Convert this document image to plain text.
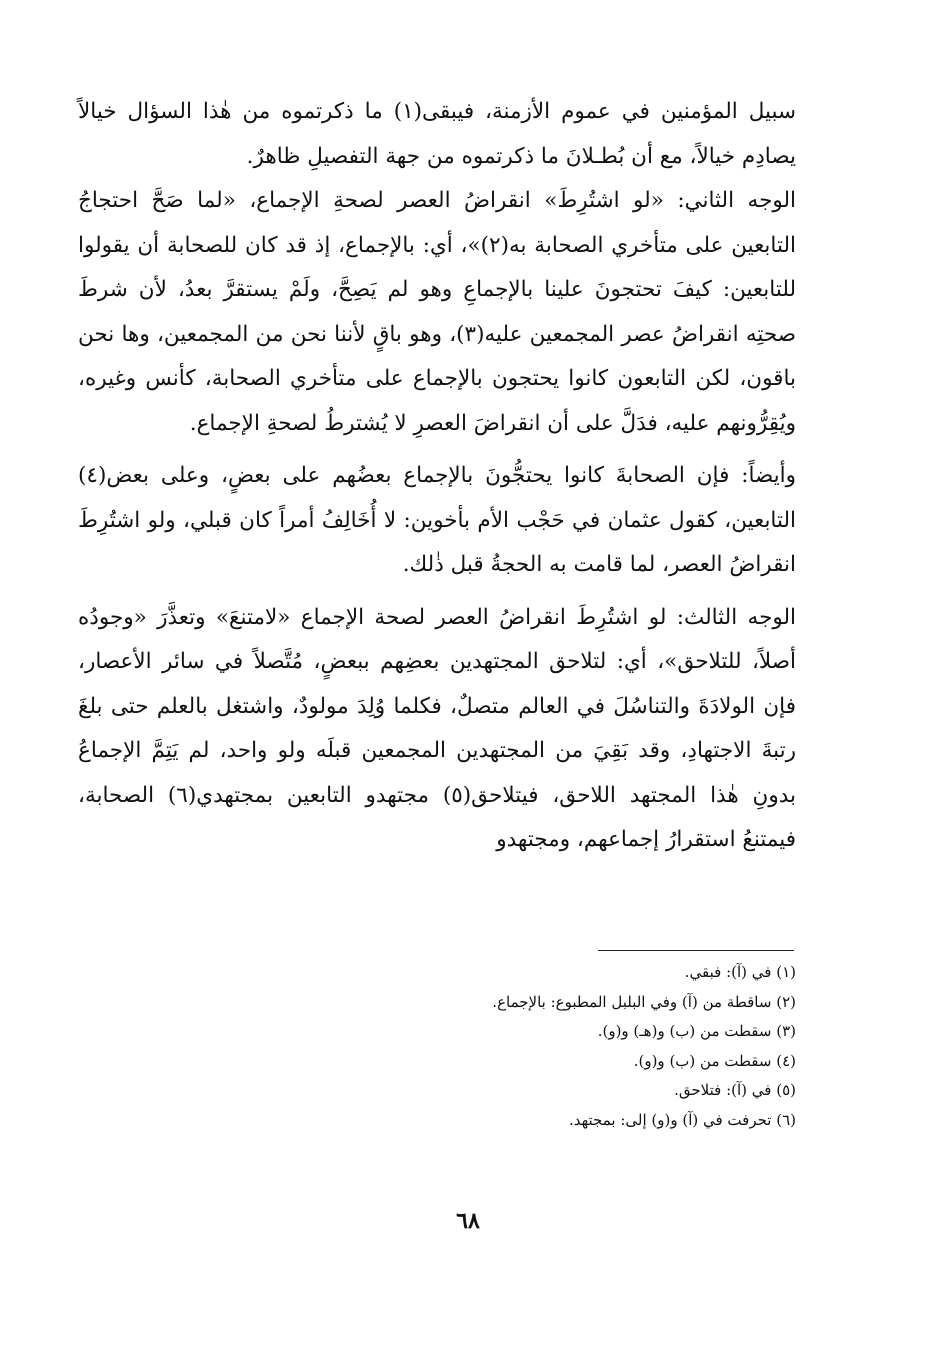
سبيل المؤمنين في عموم الأزمنة، فيبقى(١) ما ذكرتموه من هٰذا السؤال خيالاً يصادِم خيالاً، مع أن بُطـلانَ ما ذكرتموه من جهة التفصيلِ ظاهرٌ.

الوجه الثاني: «لو اشتُرِطَ» انقراضُ العصر لصحةِ الإجماع، «لما صَحَّ احتجاجُ التابعين على متأخري الصحابة به(٢)»، أي: بالإجماع، إذ قد كان للصحابة أن يقولوا للتابعين: كيفَ تحتجونَ علينا بالإجماعِ وهو لم يَصِحَّ، ولَمْ يستقرَّ بعدُ، لأن شرطَ صحتِه انقراضُ عصر المجمعين عليه(٣)، وهو باقٍ لأننا نحن من المجمعين، وها نحن باقون، لكن التابعون كانوا يحتجون بالإجماع على متأخري الصحابة، كأنس وغيره، ويُقِرُّونهم عليه، فدَلَّ على أن انقراضَ العصرِ لا يُشترطُ لصحةِ الإجماع.

وأيضاً: فإن الصحابةَ كانوا يحتجُّونَ بالإجماع بعضُهم على بعضٍ، وعلى بعض(٤) التابعين، كقول عثمان في حَجْب الأم بأخوين: لا أُخَالِفُ أمراً كان قبلي، ولو اشتُرِطَ انقراضُ العصر، لما قامت به الحجةُ قبل ذٰلك.

الوجه الثالث: لو اشتُرِطَ انقراضُ العصر لصحة الإجماع «لامتنعَ» وتعذَّرَ «وجودُه أصلاً، للتلاحق»، أي: لتلاحق المجتهدين بعضِهم ببعضٍ، مُتَّصلاً في سائر الأعصار، فإن الولادَةَ والتناسُلَ في العالم متصلٌ، فكلما وُلِدَ مولودٌ، واشتغل بالعلم حتى بلغَ رتبةَ الاجتهادِ، وقد بَقِيَ من المجتهدين المجمعين قبلَه ولو واحد، لم يَتِمَّ الإجماعُ بدونِ هٰذا المجتهد اللاحق، فيتلاحق(٥) مجتهدو التابعين بمجتهدي(٦) الصحابة، فيمتنعُ استقرارُ إجماعهم، ومجتهدو

(١) في (آ): فبقي.
(٢) ساقطة من (آ) وفي البلبل المطبوع: بالإجماع.
(٣) سقطت من (ب) و(هـ) و(و).
(٤) سقطت من (ب) و(و).
(٥) في (آ): فتلاحق.
(٦) تحرفت في (آ) و(و) إلى: بمجتهد.
٦٨
